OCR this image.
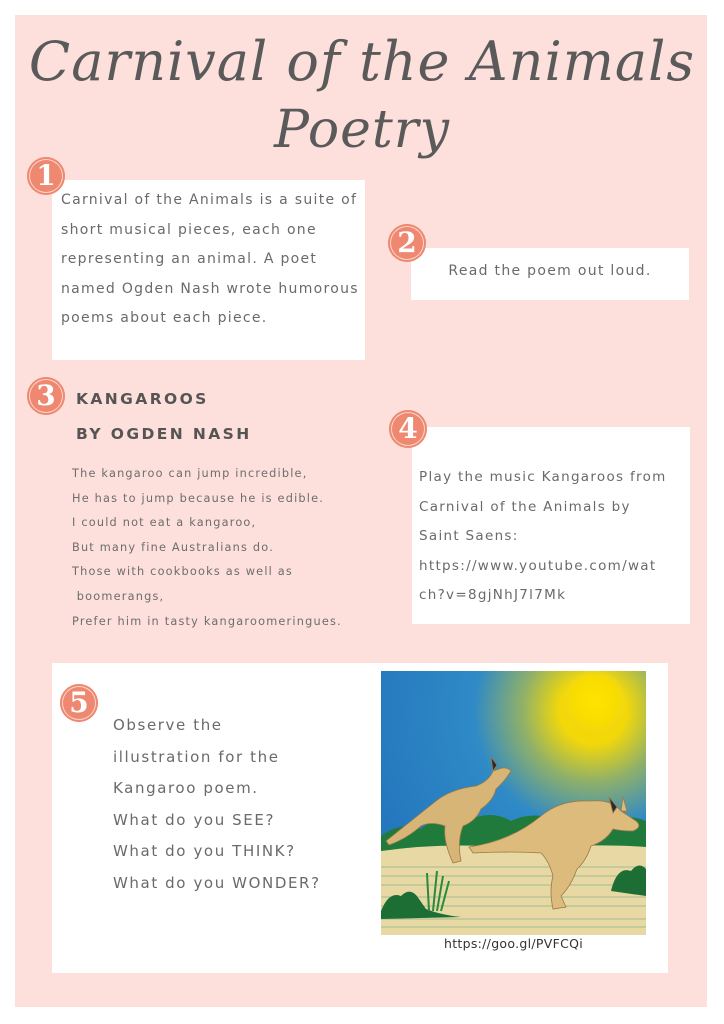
Carnival of the Animals
Poetry
Carnival of the Animals is a suite of short musical pieces, each one representing an animal. A poet named Ogden Nash wrote humorous poems about each piece.
1
Read the poem out loud.
2
3	KANGAROOS
BY OGDEN NASH
The kangaroo can jump incredible,
He has to jump because he is edible.
I could not eat a kangaroo,
But many fine Australians do.
Those with cookbooks as well as
boomerangs,
Prefer him in tasty kangaroomeringues.
Play the music Kangaroos from
Carnival of the Animals by
Saint Saens:
https://www.youtube.com/wat
ch?v=8gjNhJ7l7Mk
4
Observe the
illustration for the
Kangaroo poem.
What do you SEE?
What do you THINK?
What do you WONDER?
https://goo.gl/PVFCQi
5
